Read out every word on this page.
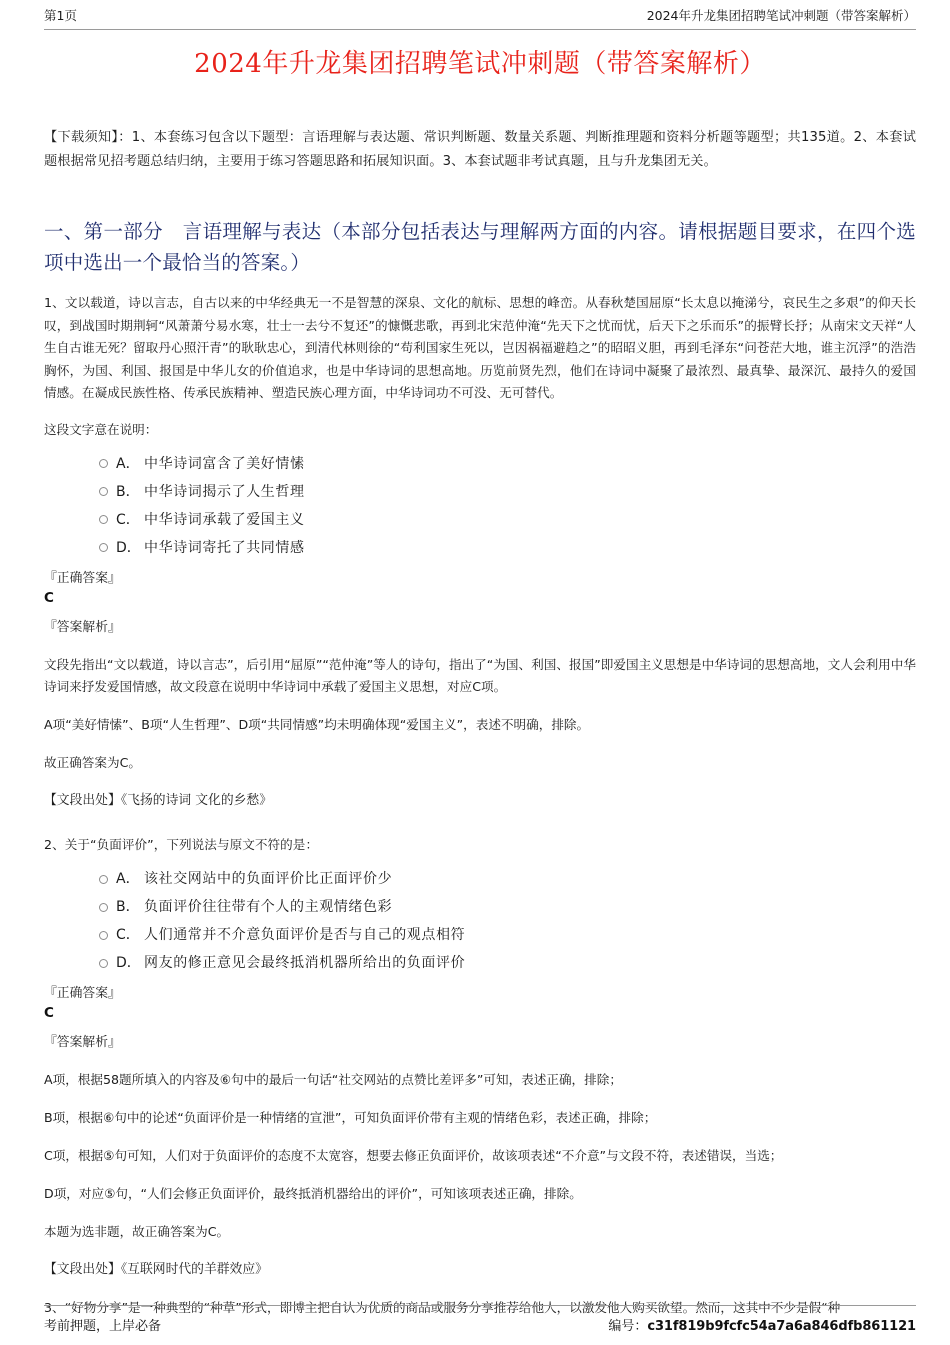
第1页	2024年升龙集团招聘笔试冲刺题（带答案解析）
2024年升龙集团招聘笔试冲刺题（带答案解析）
【下载须知】：1、本套练习包含以下题型：言语理解与表达题、常识判断题、数量关系题、判断推理题和资料分析题等题型；共135道。2、本套试题根据常见招考题总结归纳，主要用于练习答题思路和拓展知识面。3、本套试题非考试真题，且与升龙集团无关。
一、第一部分　言语理解与表达（本部分包括表达与理解两方面的内容。请根据题目要求，在四个选项中选出一个最恰当的答案。）
1、文以载道，诗以言志，自古以来的中华经典无一不是智慧的深泉、文化的航标、思想的峰峦。从春秋楚国屈原“长太息以掩涕兮，哀民生之多艰”的仰天长叹，到战国时期荆轲“风萧萧兮易水寒，壮士一去兮不复还”的慷慨悲歌，再到北宋范仲淹“先天下之忧而忧，后天下之乐而乐”的振臂长抒；从南宋文天祥“人生自古谁无死？留取丹心照汗青”的耿耿忠心，到清代林则徐的“苟利国家生死以，岂因祸福避趋之”的昭昭义胆，再到毛泽东“问苍茫大地，谁主沉浮”的浩浩胸怀，为国、利国、报国是中华儿女的价值追求，也是中华诗词的思想高地。历览前贤先烈，他们在诗词中凝聚了最浓烈、最真挚、最深沉、最持久的爱国情感。在凝成民族性格、传承民族精神、塑造民族心理方面，中华诗词功不可没、无可替代。
这段文字意在说明：
A． 中华诗词富含了美好情愫
B． 中华诗词揭示了人生哲理
C． 中华诗词承载了爱国主义
D． 中华诗词寄托了共同情感
『正确答案』
C
『答案解析』
文段先指出“文以载道，诗以言志”，后引用“屈原”“范仲淹”等人的诗句，指出了“为国、利国、报国”即爱国主义思想是中华诗词的思想高地，文人会利用中华诗词来抒发爱国情感，故文段意在说明中华诗词中承载了爱国主义思想，对应C项。
A项“美好情愫”、B项“人生哲理”、D项“共同情感”均未明确体现“爱国主义”，表述不明确，排除。
故正确答案为C。
【文段出处】《飞扬的诗词 文化的乡愁》
2、关于“负面评价”，下列说法与原文不符的是：
A． 该社交网站中的负面评价比正面评价少
B． 负面评价往往带有个人的主观情绪色彩
C． 人们通常并不介意负面评价是否与自己的观点相符
D． 网友的修正意见会最终抵消机器所给出的负面评价
『正确答案』
C
『答案解析』
A项，根据58题所填入的内容及⑥句中的最后一句话“社交网站的点赞比差评多”可知，表述正确，排除；
B项，根据⑥句中的论述“负面评价是一种情绪的宣泄”，可知负面评价带有主观的情绪色彩，表述正确，排除；
C项，根据⑤句可知，人们对于负面评价的态度不太宽容，想要去修正负面评价，故该项表述“不介意”与文段不符，表述错误，当选；
D项，对应⑤句，“人们会修正负面评价，最终抵消机器给出的评价”，可知该项表述正确，排除。
本题为选非题，故正确答案为C。
【文段出处】《互联网时代的羊群效应》
3、“好物分享”是一种典型的“种草”形式，即博主把自认为优质的商品或服务分享推荐给他人，以激发他人购买欲望。然而，这其中不少是假“种
考前押题，上岸必备	编号：c31f819b9fcfc54a7a6a846dfb861121
